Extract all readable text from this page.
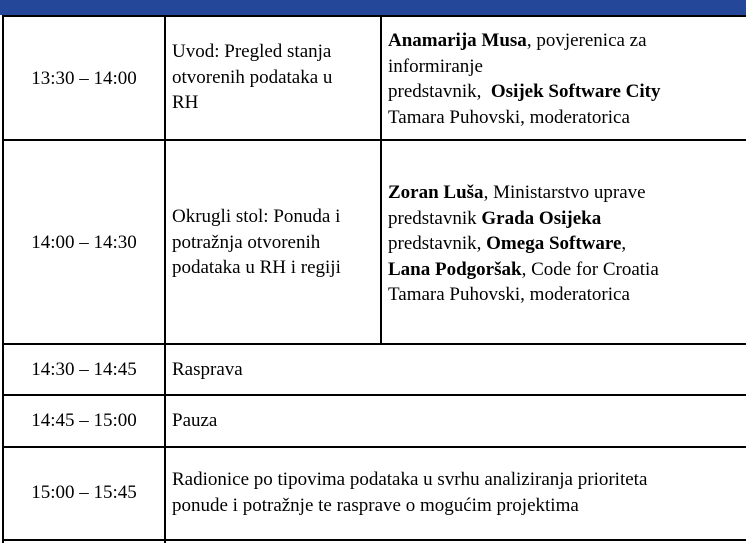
13:30 – 14:00
Uvod: Pregled stanja
otvorenih podataka u
RH
Anamarija Musa, povjerenica za
informiranje
predstavnik,  Osijek Software City
Tamara Puhovski, moderatorica
14:00 – 14:30
Okrugli stol: Ponuda i
potražnja otvorenih
podataka u RH i regiji
Zoran Luša, Ministarstvo uprave
predstavnik Grada Osijeka
predstavnik, Omega Software,
Lana Podgoršak, Code for Croatia
Tamara Puhovski, moderatorica
14:30 – 14:45	Rasprava
14:45 – 15:00	Pauza
15:00 – 15:45
Radionice po tipovima podataka u svrhu analiziranja prioriteta
ponude i potražnje te rasprave o mogućim projektima
